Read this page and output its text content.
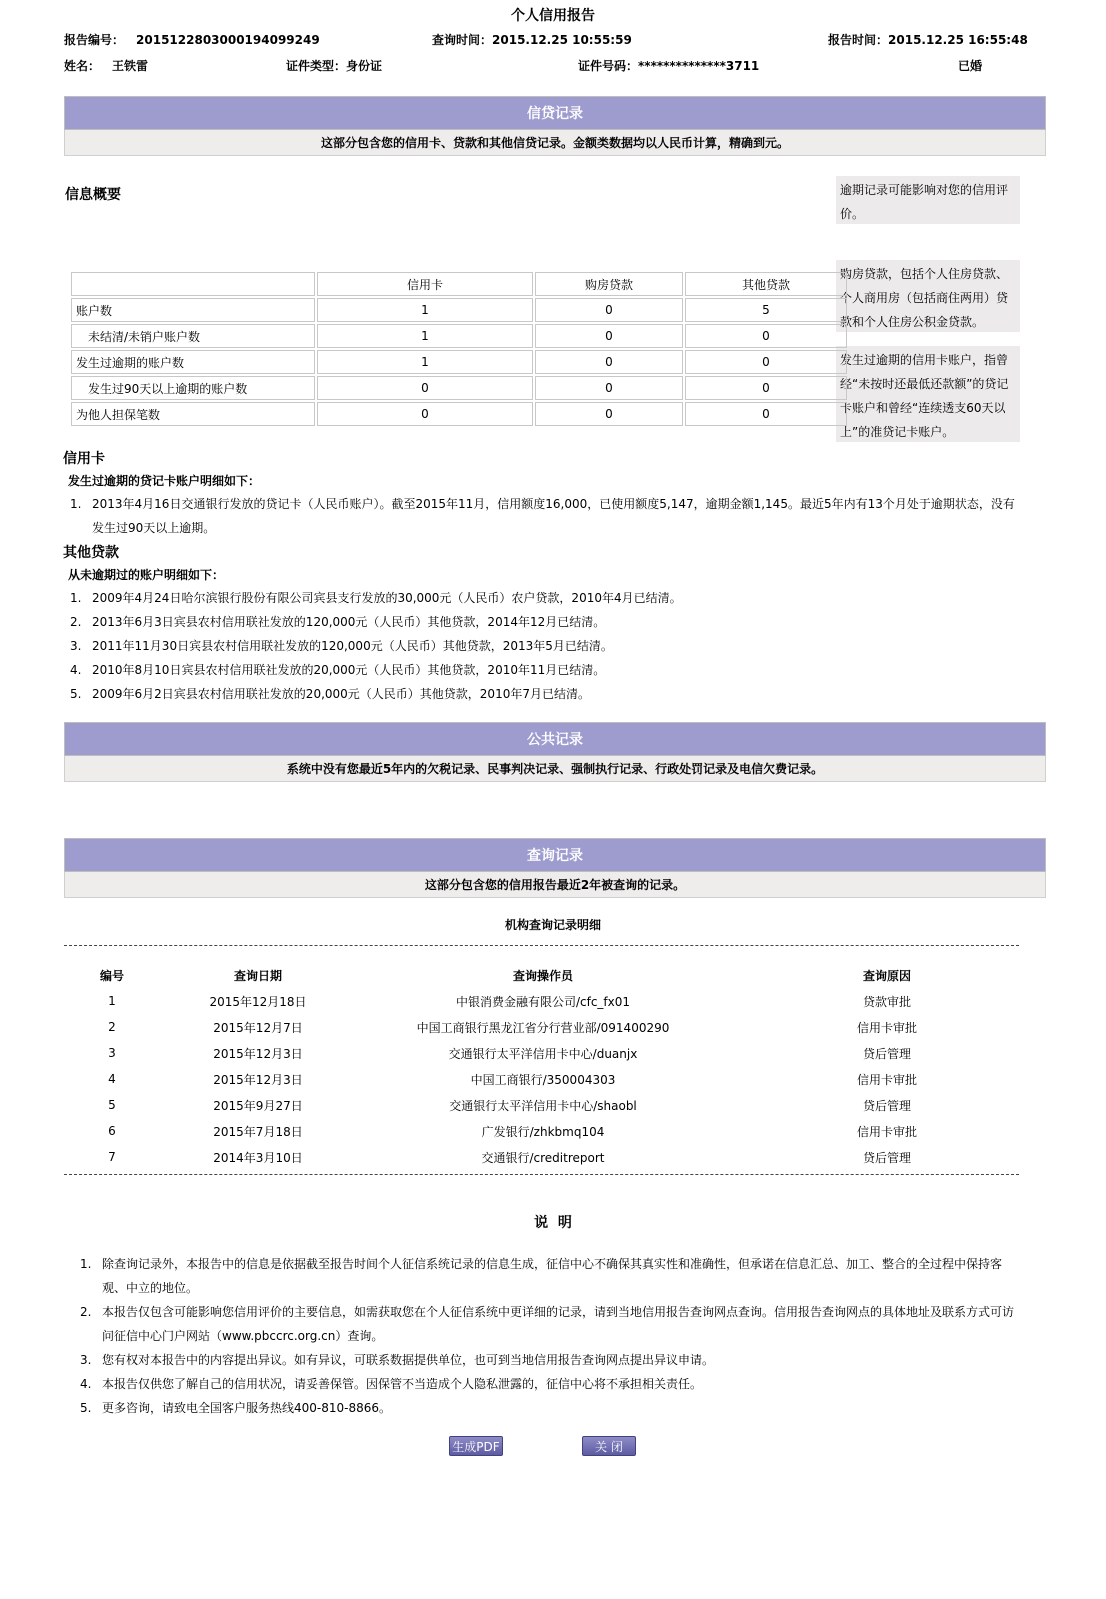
个人信用报告
报告编号： 2015122803000194099249	查询时间：2015.12.25 10:55:59	报告时间：2015.12.25 16:55:48
姓名： 王铁雷	证件类型：身份证	证件号码：**************3711	已婚
信贷记录
这部分包含您的信用卡、贷款和其他信贷记录。金额类数据均以人民币计算，精确到元。
信息概要	逾期记录可能影响对您的信用评价。
购房贷款，包括个人住房贷款、个人商用房（包括商住两用）贷款和个人住房公积金贷款。
发生过逾期的信用卡账户，指曾经“未按时还最低还款额”的贷记卡账户和曾经“连续透支60天以上”的准贷记卡账户。
	信用卡	购房贷款	其他贷款
账户数	1	0	5
未结清/未销户账户数	1	0	0
发生过逾期的账户数	1	0	0
发生过90天以上逾期的账户数	0	0	0
为他人担保笔数	0	0	0
信用卡
发生过逾期的贷记卡账户明细如下：
1. 2013年4月16日交通银行发放的贷记卡（人民币账户）。截至2015年11月，信用额度16,000，已使用额度5,147，逾期金额1,145。最近5年内有13个月处于逾期状态，没有发生过90天以上逾期。
其他贷款
从未逾期过的账户明细如下：
1. 2009年4月24日哈尔滨银行股份有限公司宾县支行发放的30,000元（人民币）农户贷款，2010年4月已结清。
2. 2013年6月3日宾县农村信用联社发放的120,000元（人民币）其他贷款，2014年12月已结清。
3. 2011年11月30日宾县农村信用联社发放的120,000元（人民币）其他贷款，2013年5月已结清。
4. 2010年8月10日宾县农村信用联社发放的20,000元（人民币）其他贷款，2010年11月已结清。
5. 2009年6月2日宾县农村信用联社发放的20,000元（人民币）其他贷款，2010年7月已结清。
公共记录
系统中没有您最近5年内的欠税记录、民事判决记录、强制执行记录、行政处罚记录及电信欠费记录。
查询记录
这部分包含您的信用报告最近2年被查询的记录。
机构查询记录明细
编号	查询日期	查询操作员	查询原因
1	2015年12月18日	中银消费金融有限公司/cfc_fx01	贷款审批
2	2015年12月7日	中国工商银行黑龙江省分行营业部/091400290	信用卡审批
3	2015年12月3日	交通银行太平洋信用卡中心/duanjx	贷后管理
4	2015年12月3日	中国工商银行/350004303	信用卡审批
5	2015年9月27日	交通银行太平洋信用卡中心/shaobl	贷后管理
6	2015年7月18日	广发银行/zhkbmq104	信用卡审批
7	2014年3月10日	交通银行/creditreport	贷后管理
说  明
1. 除查询记录外，本报告中的信息是依据截至报告时间个人征信系统记录的信息生成，征信中心不确保其真实性和准确性，但承诺在信息汇总、加工、整合的全过程中保持客观、中立的地位。
2. 本报告仅包含可能影响您信用评价的主要信息，如需获取您在个人征信系统中更详细的记录，请到当地信用报告查询网点查询。信用报告查询网点的具体地址及联系方式可访问征信中心门户网站（www.pbccrc.org.cn）查询。
3. 您有权对本报告中的内容提出异议。如有异议，可联系数据提供单位，也可到当地信用报告查询网点提出异议申请。
4. 本报告仅供您了解自己的信用状况，请妥善保管。因保管不当造成个人隐私泄露的，征信中心将不承担相关责任。
5. 更多咨询，请致电全国客户服务热线400-810-8866。
生成PDF	关 闭
